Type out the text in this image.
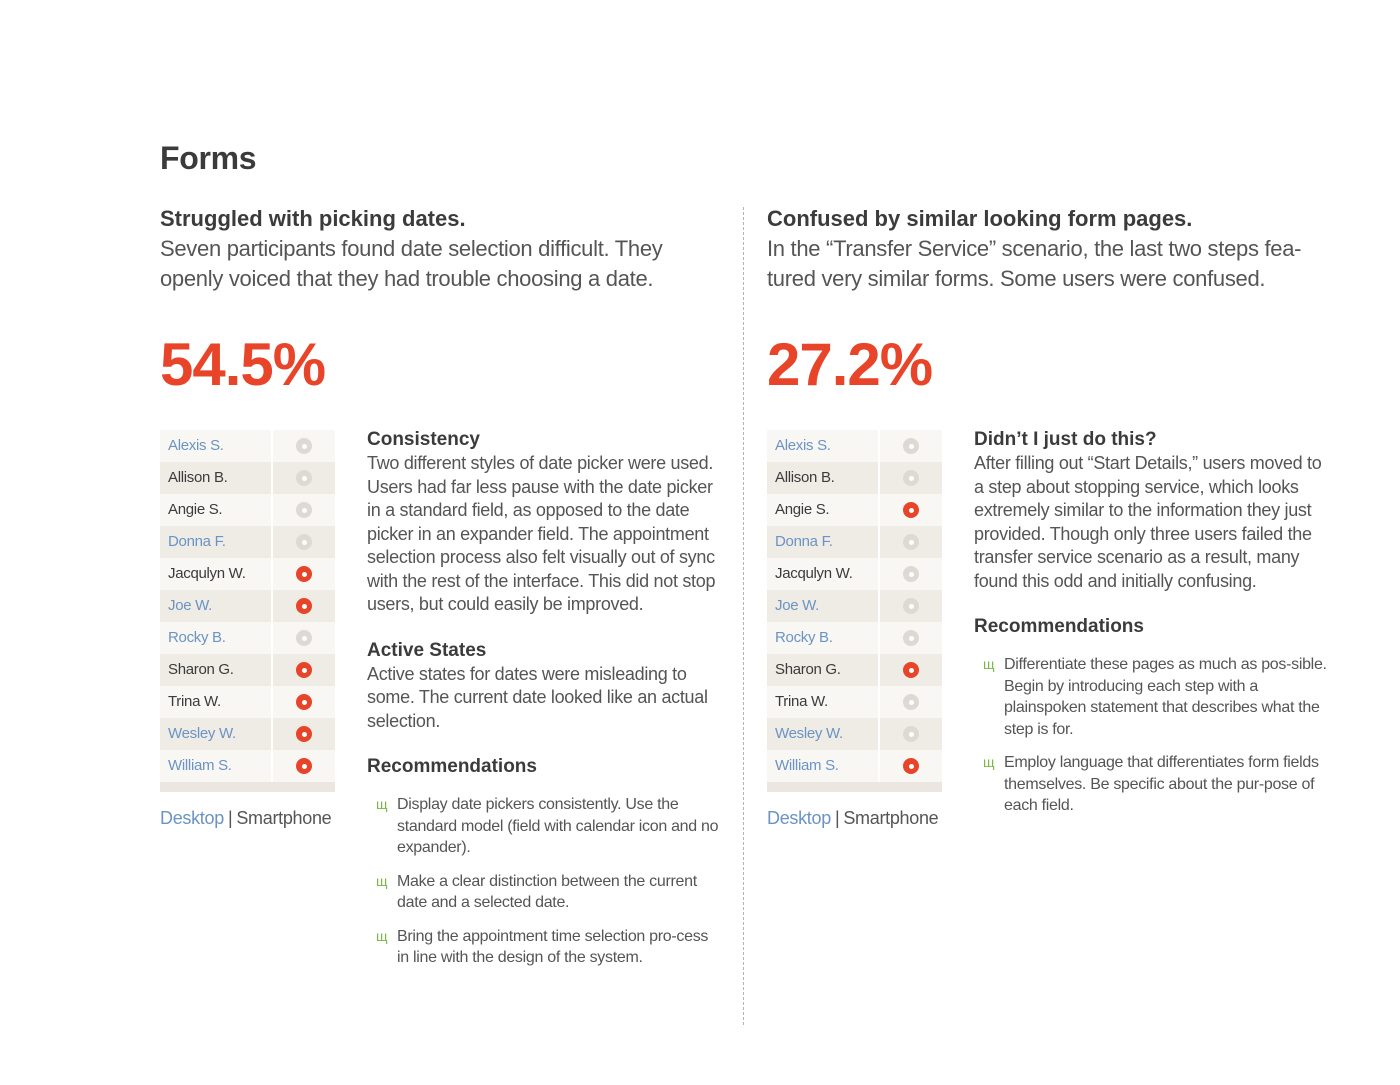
Forms
Struggled with picking dates.

Seven participants found date selection difficult. They openly voiced that they had trouble choosing a date.

54.5%
Alexis S.
Allison B.
Angie S.
Donna F.
Jacqulyn W.
Joe W.
Rocky B.
Sharon G.
Trina W.
Wesley W.
William S.
Desktop | Smartphone
Consistency

Two different styles of date picker were used. Users had far less pause with the date picker in a standard field, as opposed to the date picker in an expander field. The appointment selection process also felt visually out of sync with the rest of the interface. This did not stop users, but could easily be improved.

Active States

Active states for dates were misleading to some. The current date looked like an actual selection.

Recommendations
щ Display date pickers consistently. Use the standard model (field with calendar icon and no expander).
щ Make a clear distinction between the current date and a selected date.
щ Bring the appointment time selection pro-cess in line with the design of the system.
Confused by similar looking form pages.

In the “Transfer Service” scenario, the last two steps fea-tured very similar forms. Some users were confused.

27.2%
Alexis S.
Allison B.
Angie S.
Donna F.
Jacqulyn W.
Joe W.
Rocky B.
Sharon G.
Trina W.
Wesley W.
William S.
Desktop | Smartphone
Didn’t I just do this?

After filling out “Start Details,” users moved to a step about stopping service, which looks extremely similar to the information they just provided. Though only three users failed the transfer service scenario as a result, many found this odd and initially confusing.

Recommendations
щ Differentiate these pages as much as pos-sible. Begin by introducing each step with a plainspoken statement that describes what the step is for.
щ Employ language that differentiates form fields themselves. Be specific about the pur-pose of each field.
